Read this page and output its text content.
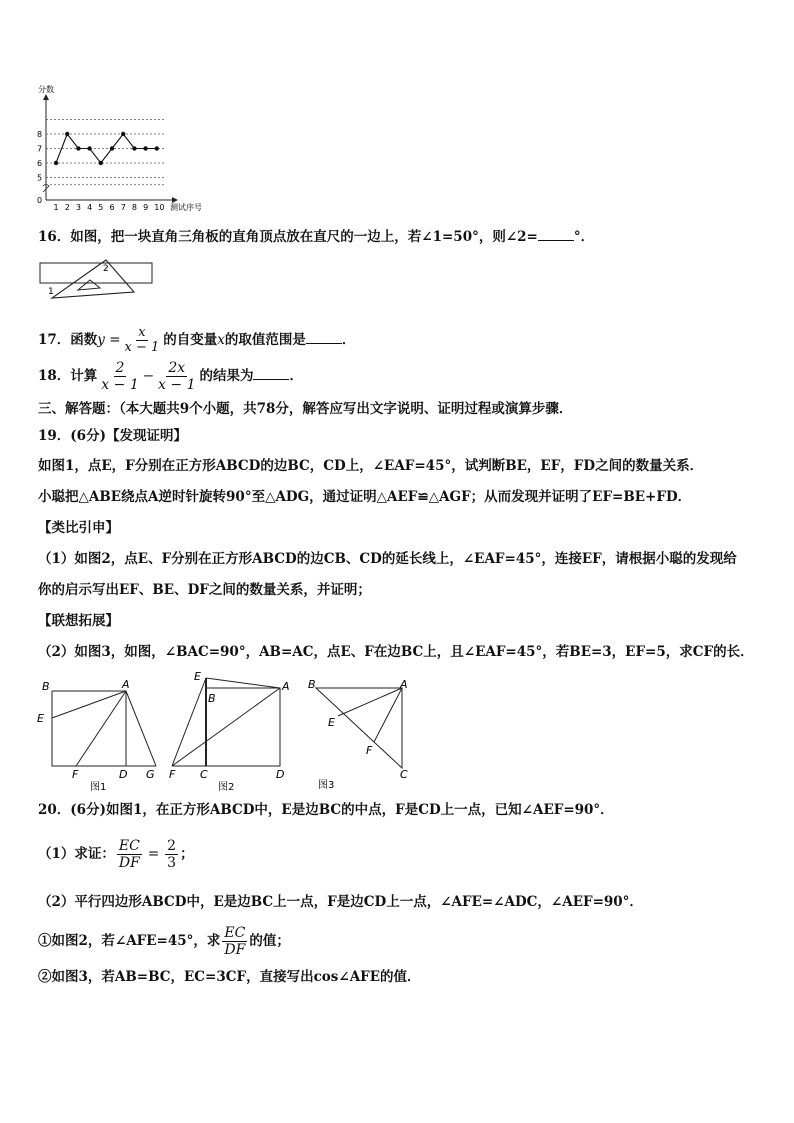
5
6
7
8
0
1 2 3 4 5 6 7 8 9 10
分数
测试序号
16．如图，把一块直角三角板的直角顶点放在直尺的一边上，若∠1=50°，则∠2=	°．
2
1
17．函数$y = \frac{x}{x - 1}$ 的自变量x的取值范围是	．
18．计算 $\frac{2}{x - 1} - \frac{2x}{x - 1}$ 的结果为	．
三、解答题：（本大题共9个小题，共78分，解答应写出文字说明、证明过程或演算步骤．
19．(6分)【发现证明】
如图1，点E，F分别在正方形ABCD的边BC，CD上，∠EAF=45°，试判断BE，EF，FD之间的数量关系．
小聪把△ABE绕点A逆时针旋转90°至△ADG，通过证明△AEF≌△AGF；从而发现并证明了EF=BE+FD．
【类比引申】
（1）如图2，点E、F分别在正方形ABCD的边CB、CD的延长线上，∠EAF=45°，连接EF，请根据小聪的发现给
你的启示写出EF、BE、DF之间的数量关系，并证明；
【联想拓展】
（2）如图3，如图，∠BAC=90°，AB=AC，点E、F在边BC上，且∠EAF=45°，若BE=3，EF=5，求CF的长．
B	A
E
F	D G
图1
E
B
A
F C	D
图2
B	A
E
F
C
图3
20．(6分)如图1，在正方形ABCD中，E是边BC的中点，F是CD上一点，已知∠AEF=90°．
（1）求证： $\frac{EC}{DF} = \frac{2}{3}$ ；
（2）平行四边形ABCD中，E是边BC上一点，F是边CD上一点，∠AFE=∠ADC，∠AEF=90°．
①如图2，若∠AFE=45°，求 $\frac{EC}{DF}$ 的值；
②如图3，若AB=BC，EC=3CF，直接写出cos∠AFE的值．
